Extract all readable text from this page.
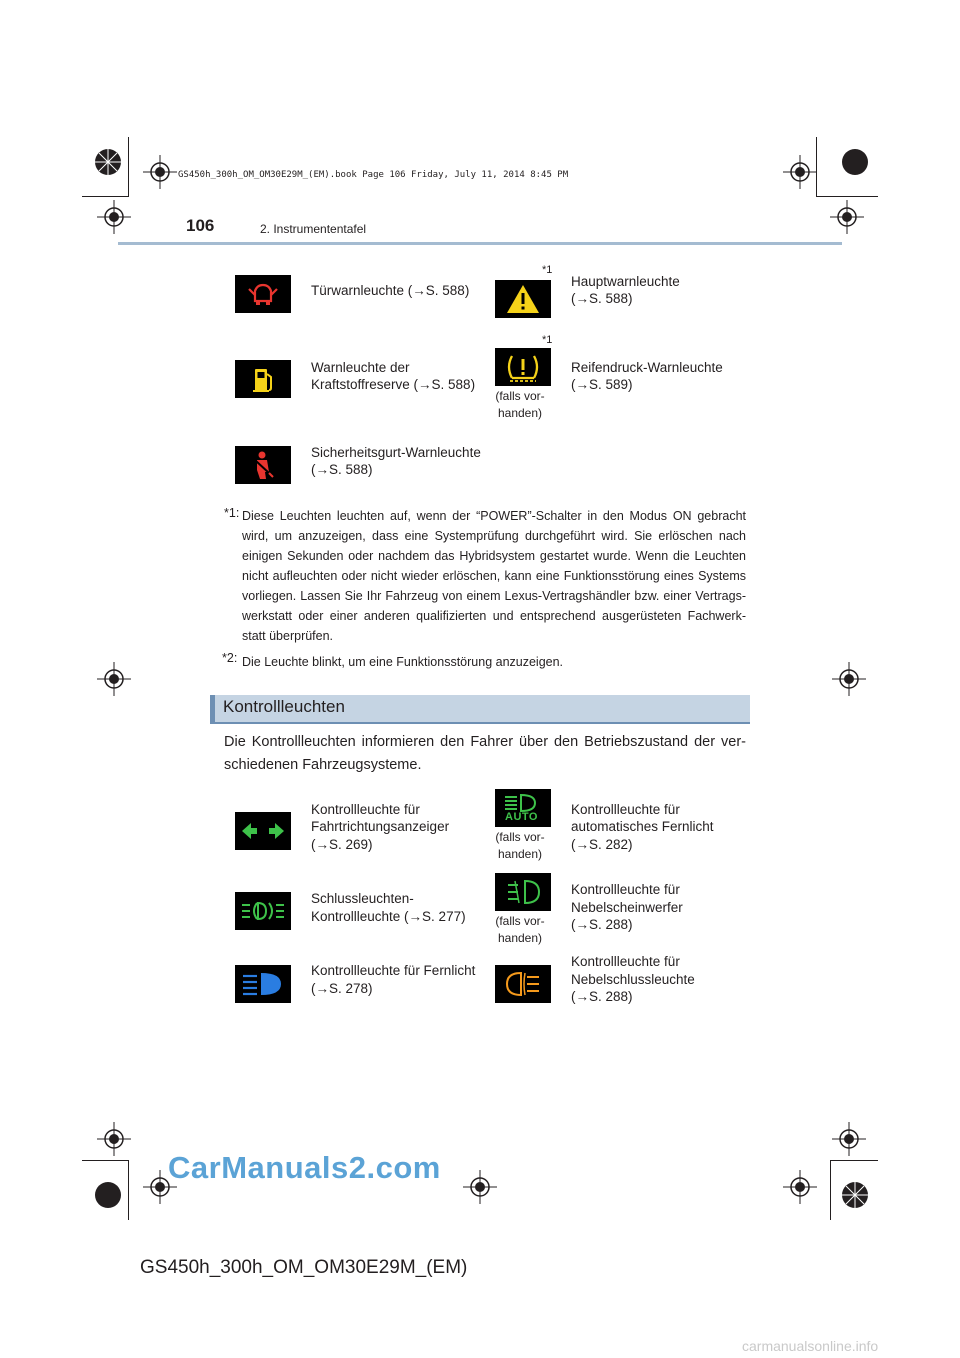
GS450h_300h_OM_OM30E29M_(EM).book Page 106 Friday, July 11, 2014 8:45 PM
106	2. Instrumententafel
Türwarnleuchte (→S. 588)
*1
Hauptwarnleuchte
(→S. 588)
Warnleuchte der
Kraftstoffreserve (→S. 588)
*1
(falls vor-
handen)
Reifendruck-Warnleuchte
(→S. 589)
Sicherheitsgurt-Warnleuchte
(→S. 588)
*1: Diese Leuchten leuchten auf, wenn der “POWER”-Schalter in den Modus ON gebracht wird, um anzuzeigen, dass eine Systemprüfung durchgeführt wird. Sie erlöschen nach einigen Sekunden oder nachdem das Hybridsystem gestartet wurde. Wenn die Leuchten nicht aufleuchten oder nicht wieder erlöschen, kann eine Funktionsstörung eines Systems vorliegen. Lassen Sie Ihr Fahrzeug von einem Lexus-Vertragshändler bzw. einer Vertrags- werkstatt oder einer anderen qualifizierten und entsprechend ausgerüsteten Fachwerk- statt überprüfen.
*2: Die Leuchte blinkt, um eine Funktionsstörung anzuzeigen.
Kontrollleuchten
Die Kontrollleuchten informieren den Fahrer über den Betriebszustand der ver- schiedenen Fahrzeugsysteme.
Kontrollleuchte für
Fahrtrichtungsanzeiger
(→S. 269)
AUTO
(falls vor-
handen)
Kontrollleuchte für
automatisches Fernlicht
(→S. 282)
Schlussleuchten-
Kontrollleuchte (→S. 277) (falls vor-
handen)
Kontrollleuchte für
Nebelscheinwerfer
(→S. 288)
Kontrollleuchte für Fernlicht
(→S. 278)
Kontrollleuchte für
Nebelschlussleuchte
(→S. 288)
CarManuals2.com
GS450h_300h_OM_OM30E29M_(EM)
carmanualsonline.info
